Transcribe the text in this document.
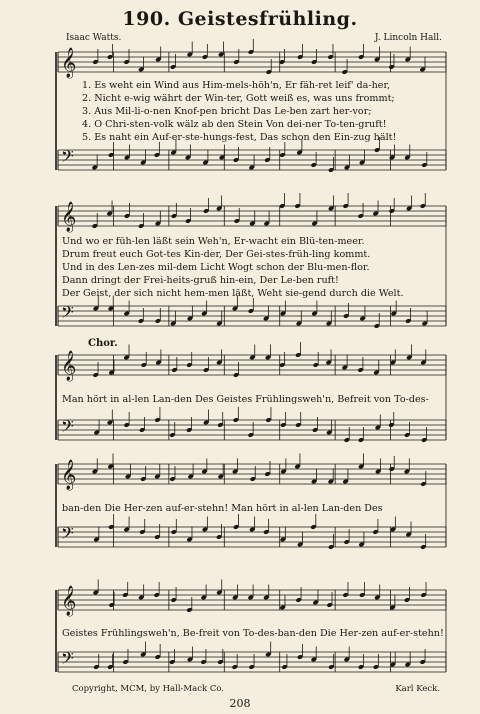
190. Geistesfrühling.
Isaac Watts.	J. Lincoln Hall.
𝄞
𝄢
𝄞
𝄢
𝄞
𝄢
𝄞
𝄢
𝄞
𝄢
1. Es weht ein Wind aus Him-mels-höh'n, Er fäh-ret leif' da-her,
2. Nicht e-wig währt der Win-ter, Gott weiß es, was uns frommt;
3. Aus Mil-li-o-nen Knof-pen bricht Das Le-ben zart her-vor;
4. O Chri-sten-volk wälz ab den Stein Von dei-ner To-ten-gruft!
5. Es naht ein Auf-er-ste-hungs-fest, Das schon den Ein-zug hält!
Und wo er füh-len läßt sein Weh'n, Er-wacht ein Blü-ten-meer.
Drum freut euch Got-tes Kin-der, Der Gei-stes-früh-ling kommt.
Und in des Len-zes mil-dem Licht Wogt schon der Blu-men-flor.
Dann dringt der Frei-heits-gruß hin-ein, Der Le-ben ruft!
Der Geist, der sich nicht hem-men läßt, Weht sie-gend durch die Welt.
Chor.
Man hört in al-len Lan-den Des Geistes Frühlingsweh'n, Befreit von To-des-
ban-den Die Her-zen auf-er-stehn! Man hört in al-len Lan-den Des
Geistes Frühlingsweh'n, Be-freit von To-des-ban-den Die Her-zen auf-er-stehn!
Copyright, MCM, by Hall-Mack Co.	Karl Keck.
208
